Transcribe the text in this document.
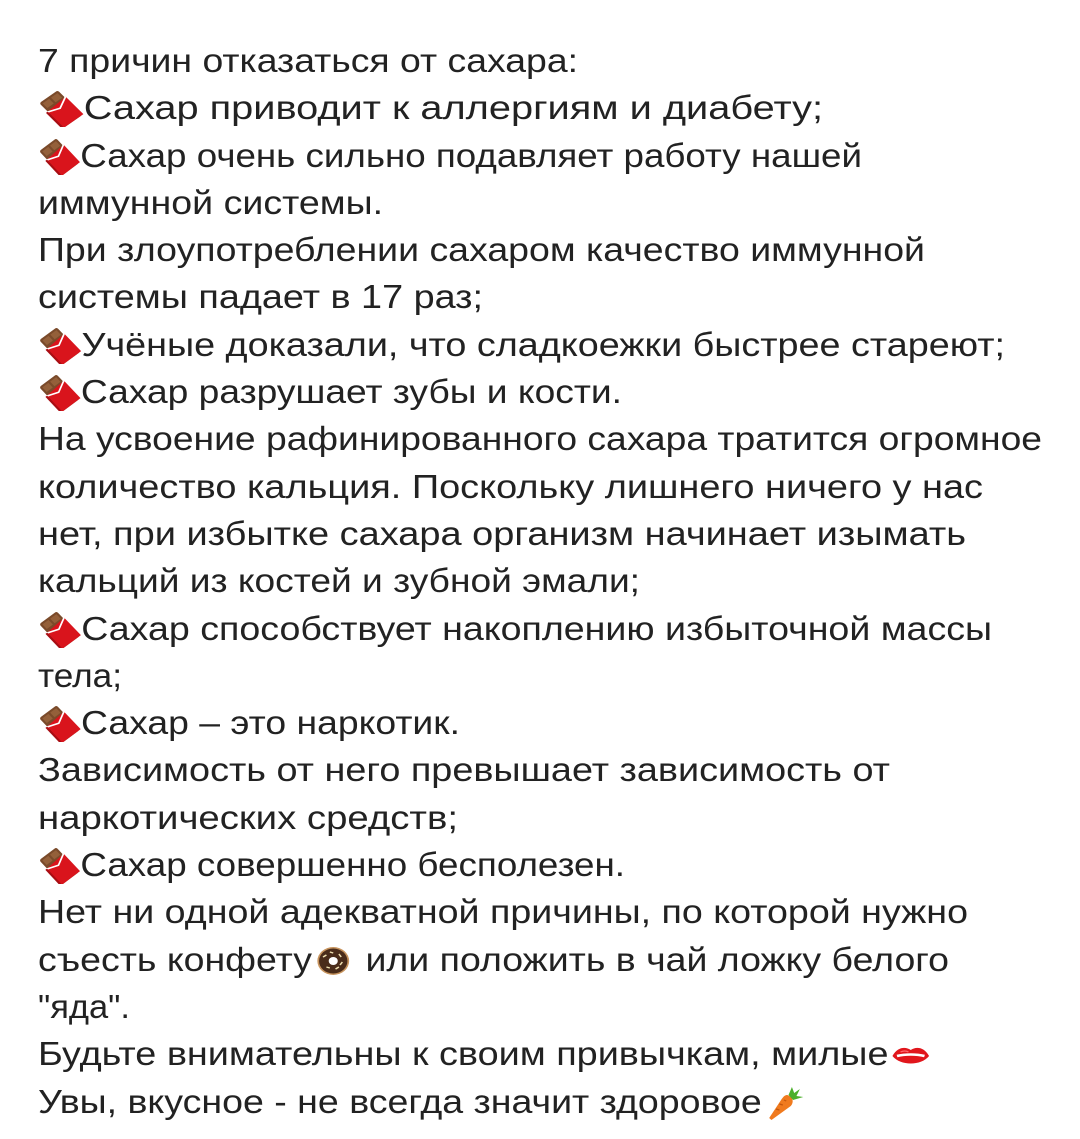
7 причин отказаться от сахара:
Сахар приводит к аллергиям и диабету;
Сахар очень сильно подавляет работу нашей
иммунной системы.
При злоупотреблении сахаром качество иммунной
системы падает в 17 раз;
Учёные доказали, что сладкоежки быстрее стареют;
Сахар разрушает зубы и кости.
На усвоение рафинированного сахара тратится огромное
количество кальция. Поскольку лишнего ничего у нас
нет, при избытке сахара организм начинает изымать
кальций из костей и зубной эмали;
Сахар способствует накоплению избыточной массы
тела;
Сахар – это наркотик.
Зависимость от него превышает зависимость от
наркотических средств;
Сахар совершенно бесполезен.
Нет ни одной адекватной причины, по которой нужно
съесть конфету или положить в чай ложку белого
"яда".
Будьте внимательны к своим привычкам, милые
Увы, вкусное - не всегда значит здоровое
